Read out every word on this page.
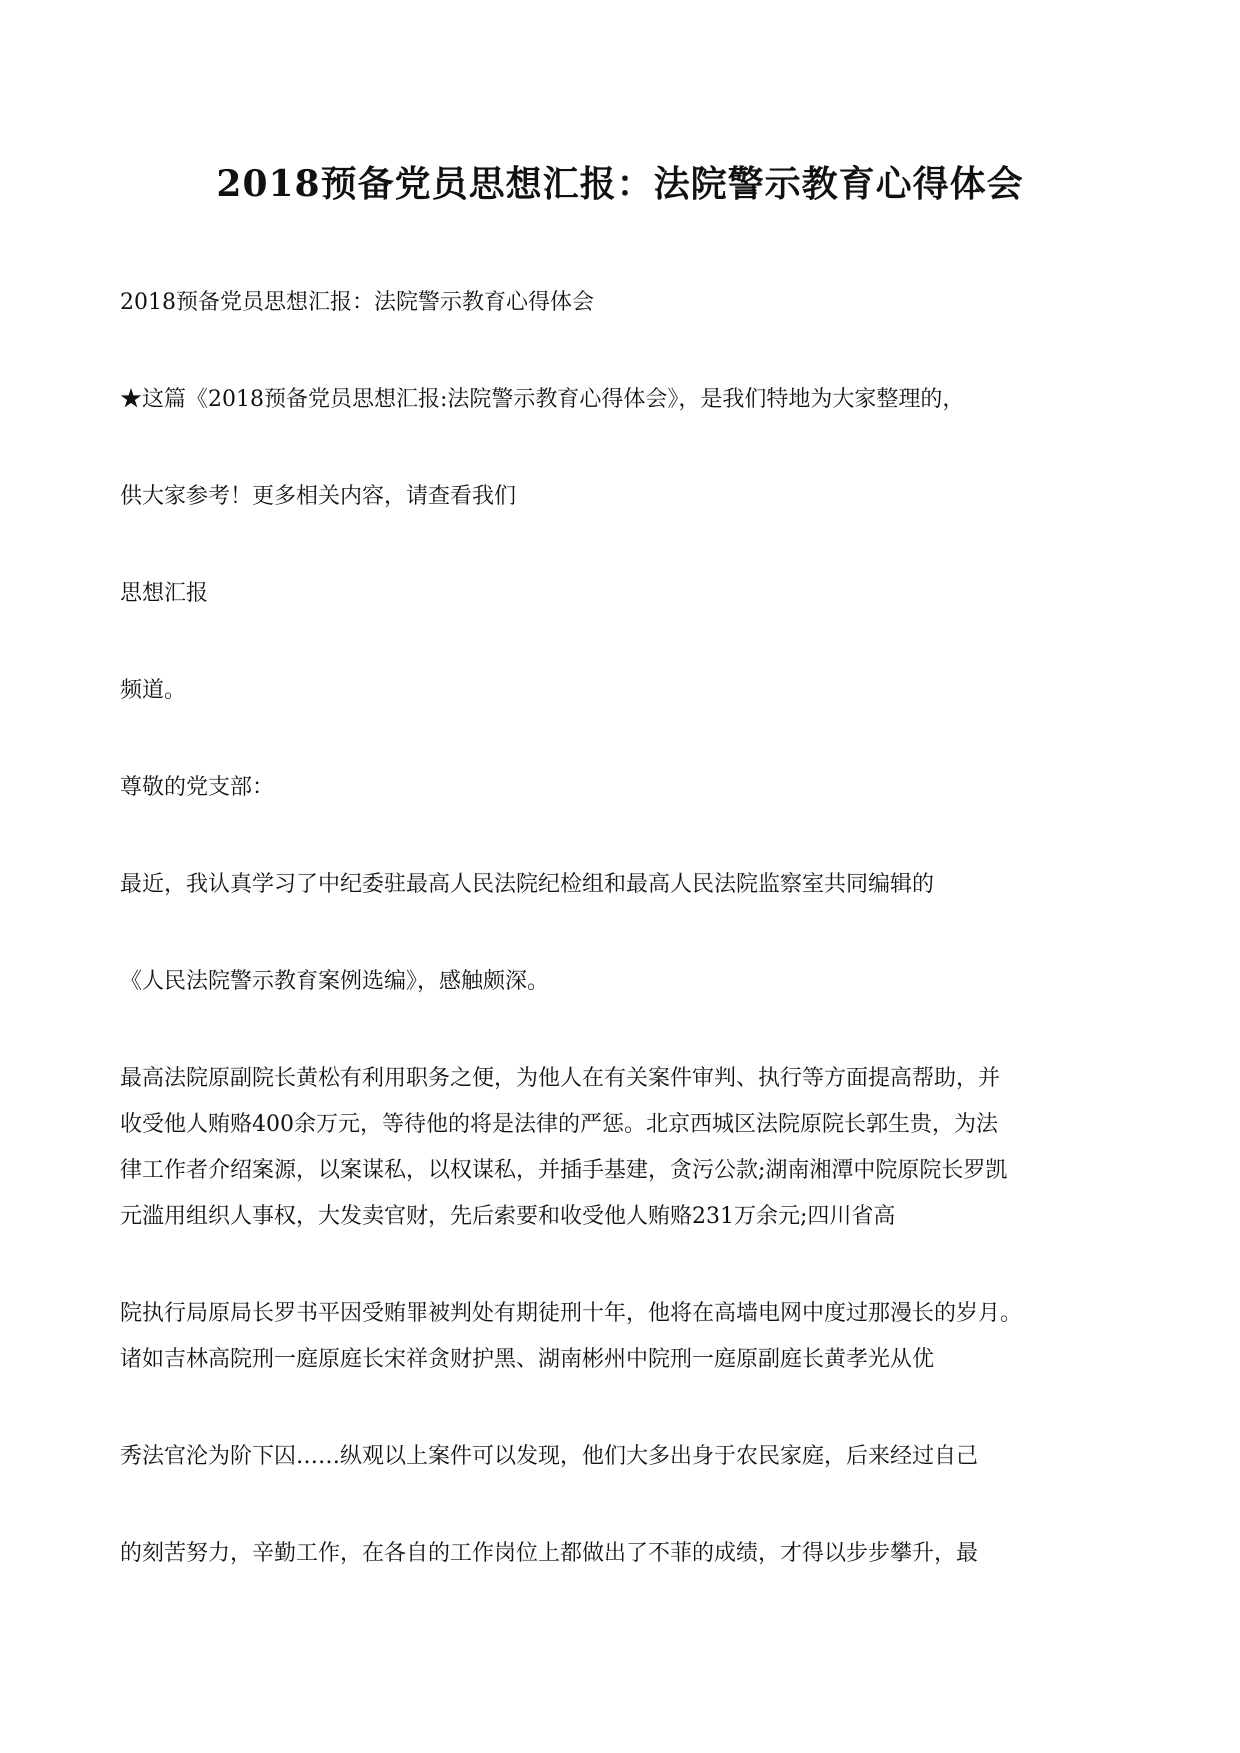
2018预备党员思想汇报：法院警示教育心得体会
2018预备党员思想汇报：法院警示教育心得体会
★这篇《2018预备党员思想汇报:法院警示教育心得体会》，是我们特地为大家整理的，
供大家参考！更多相关内容，请查看我们
思想汇报
频道。
尊敬的党支部：
最近，我认真学习了中纪委驻最高人民法院纪检组和最高人民法院监察室共同编辑的
《人民法院警示教育案例选编》，感触颇深。
最高法院原副院长黄松有利用职务之便，为他人在有关案件审判、执行等方面提高帮助，并
收受他人贿赂400余万元，等待他的将是法律的严惩。北京西城区法院原院长郭生贵，为法
律工作者介绍案源，以案谋私，以权谋私，并插手基建，贪污公款;湖南湘潭中院原院长罗凯
元滥用组织人事权，大发卖官财，先后索要和收受他人贿赂231万余元;四川省高
院执行局原局长罗书平因受贿罪被判处有期徒刑十年，他将在高墙电网中度过那漫长的岁月。
诸如吉林高院刑一庭原庭长宋祥贪财护黑、湖南彬州中院刑一庭原副庭长黄孝光从优
秀法官沦为阶下囚……纵观以上案件可以发现，他们大多出身于农民家庭，后来经过自己
的刻苦努力，辛勤工作，在各自的工作岗位上都做出了不菲的成绩，才得以步步攀升，最
